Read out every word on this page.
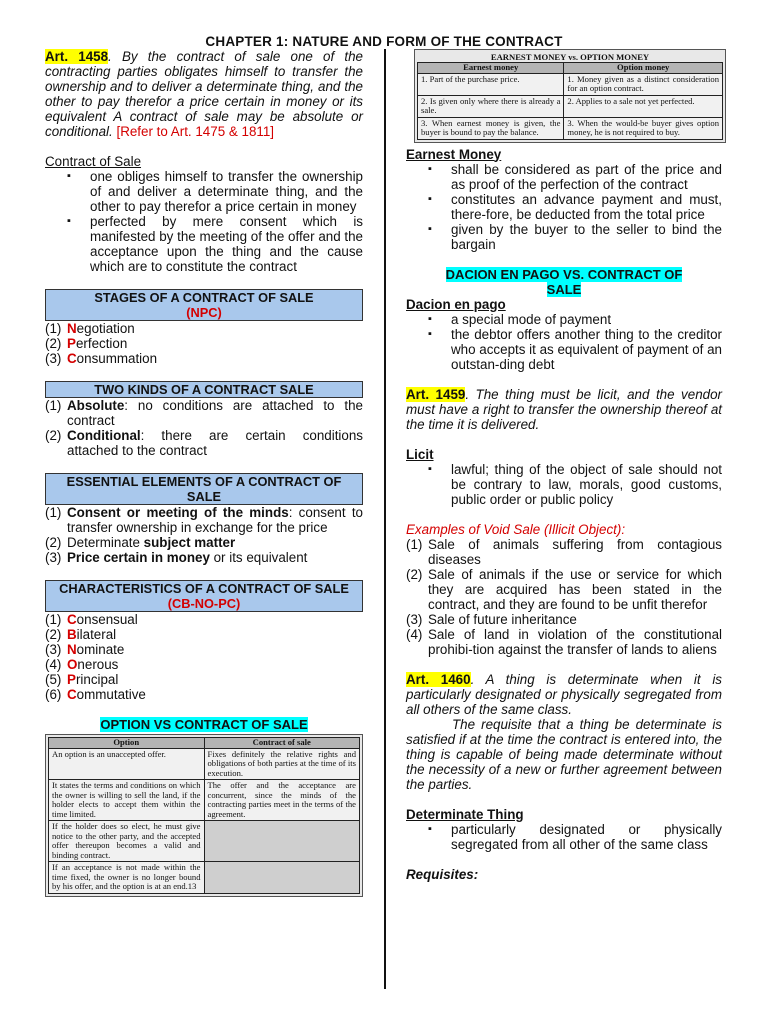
CHAPTER 1: NATURE AND FORM OF THE CONTRACT

Art. 1458. By the contract of sale one of the contracting parties obligates himself to transfer the ownership and to deliver a determinate thing, and the other to pay therefor a price certain in money or its equivalent A contract of sale may be absolute or conditional. [Refer to Art. 1475 & 1811]

Contract of Sale

▪ one obliges himself to transfer the ownership of and deliver a determinate thing, and the other to pay therefor a price certain in money
▪ perfected by mere consent which is manifested by the meeting of the offer and the acceptance upon the thing and the cause which are to constitute the contract
STAGES OF A CONTRACT OF SALE
(NPC)
(1) Negotiation
(2) Perfection
(3) Consummation
TWO KINDS OF A CONTRACT SALE
(1) Absolute: no conditions are attached to the contract
(2) Conditional: there are certain conditions attached to the contract
ESSENTIAL ELEMENTS OF A CONTRACT OF SALE
(1) Consent or meeting of the minds: consent to transfer ownership in exchange for the price
(2) Determinate subject matter
(3) Price certain in money or its equivalent
CHARACTERISTICS OF A CONTRACT OF SALE
(CB-NO-PC)
(1) Consensual
(2) Bilateral
(3) Nominate
(4) Onerous
(5) Principal
(6) Commutative
OPTION VS CONTRACT OF SALE
Option	Contract of sale
An option is an unaccepted offer.	Fixes definitely the relative rights and obligations of both parties at the time of its execution.
It states the terms and conditions on which the owner is willing to sell the land, if the holder elects to accept them within the time limited.	The offer and the acceptance are concurrent, since the minds of the contracting parties meet in the terms of the agreement.
If the holder does so elect, he must give notice to the other party, and the accepted offer thereupon becomes a valid and binding contract.	
If an acceptance is not made within the time fixed, the owner is no longer bound by his offer, and the option is at an end.13	
EARNEST MONEY vs. OPTION MONEY
Earnest money	Option money
1. Part of the purchase price.	1. Money given as a distinct consideration for an option contract.
2. Is given only where there is already a sale.	2. Applies to a sale not yet perfected.
3. When earnest money is given, the buyer is bound to pay the balance.	3. When the would-be buyer gives option money, he is not required to buy.

Earnest Money

▪ shall be considered as part of the price and as proof of the perfection of the contract
▪ constitutes an advance payment and must, there-fore, be deducted from the total price
▪ given by the buyer to the seller to bind the bargain
DACION EN PAGO VS. CONTRACT OF
SALE

Dacion en pago

▪ a special mode of payment
▪ the debtor offers another thing to the creditor who accepts it as equivalent of payment of an outstan-ding debt

Art. 1459. The thing must be licit, and the vendor must have a right to transfer the ownership thereof at the time it is delivered.

Licit

▪ lawful; thing of the object of sale should not be contrary to law, morals, good customs, public order or public policy

Examples of Void Sale (Illicit Object):

(1) Sale of animals suffering from contagious diseases
(2) Sale of animals if the use or service for which they are acquired has been stated in the contract, and they are found to be unfit therefor
(3) Sale of future inheritance
(4) Sale of land in violation of the constitutional prohibi-tion against the transfer of lands to aliens

Art. 1460. A thing is determinate when it is particularly designated or physically segregated from all others of the same class.

The requisite that a thing be determinate is satisfied if at the time the contract is entered into, the thing is capable of being made determinate without the necessity of a new or further agreement between the parties.

Determinate Thing

▪ particularly designated or physically segregated from all other of the same class

Requisites:
